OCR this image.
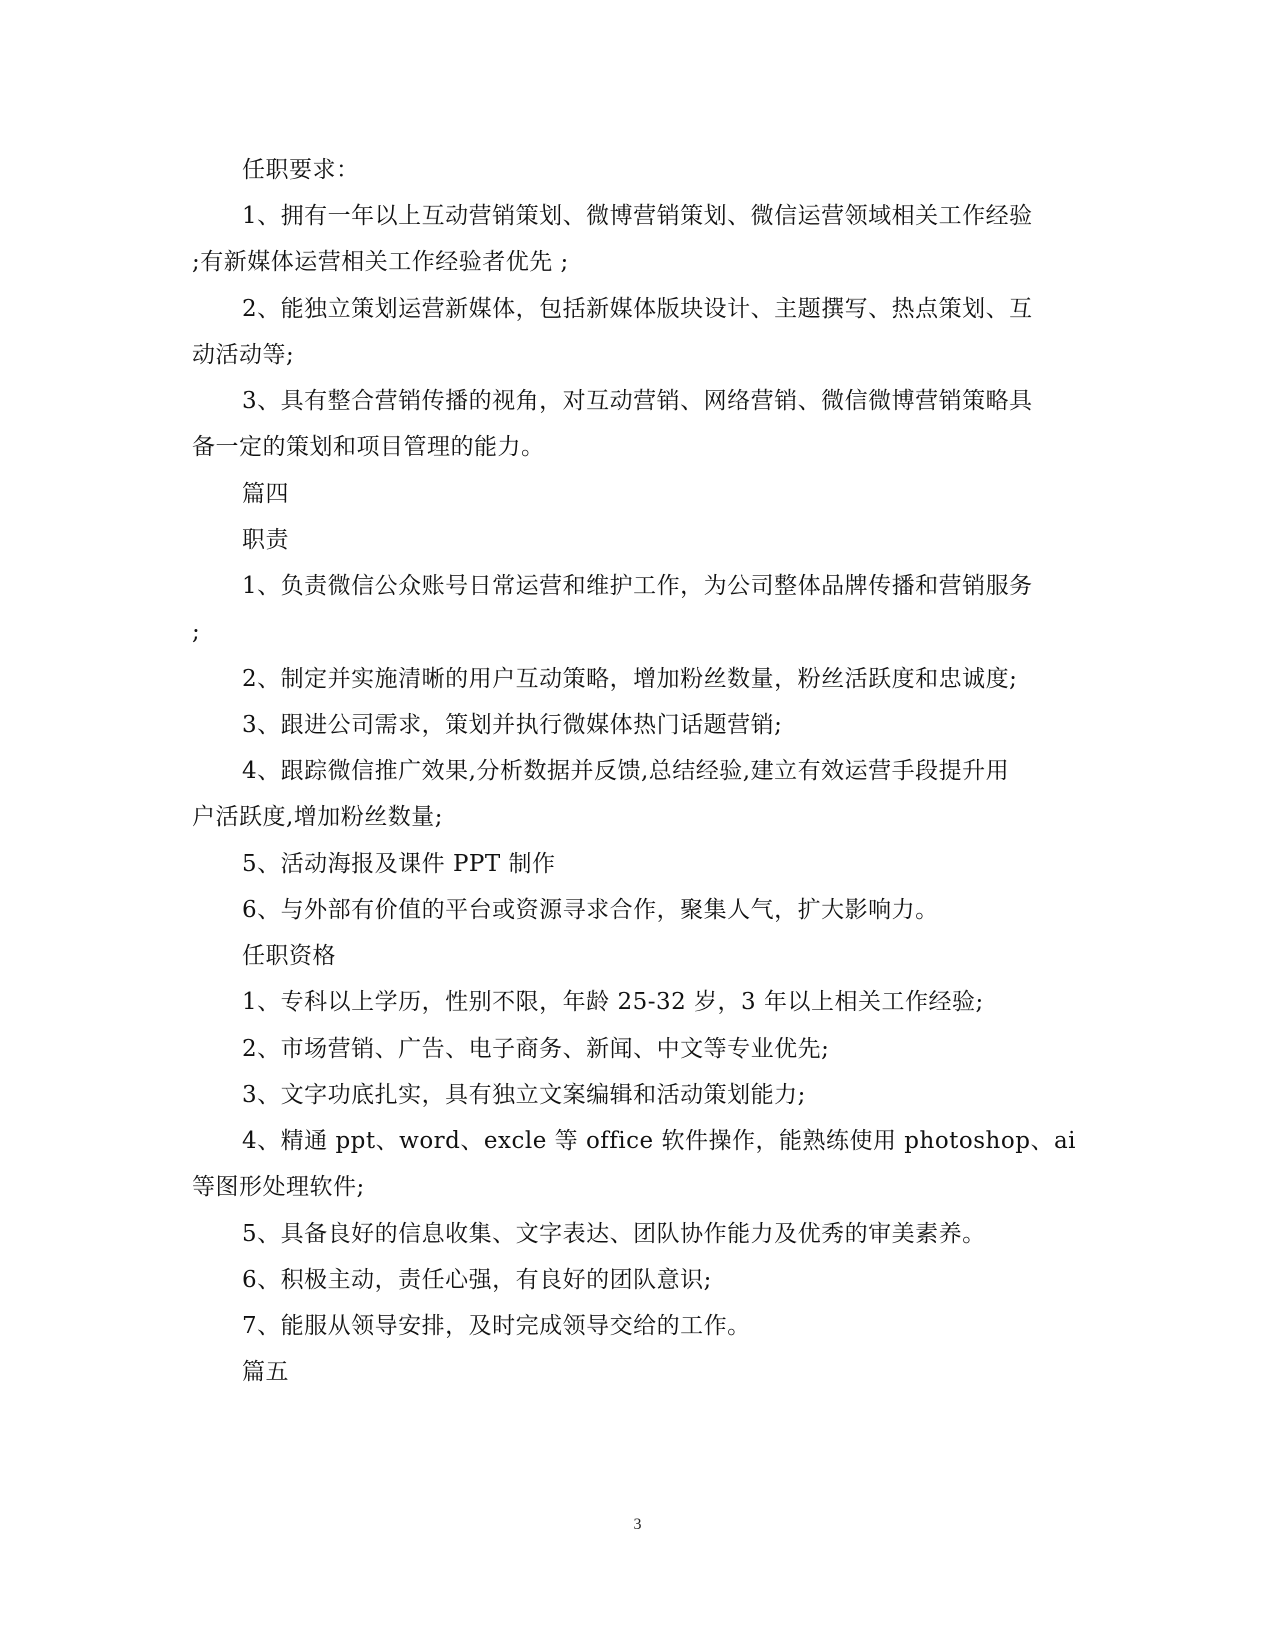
任职要求：
1、拥有一年以上互动营销策划、微博营销策划、微信运营领域相关工作经验
;有新媒体运营相关工作经验者优先 ;
2、能独立策划运营新媒体，包括新媒体版块设计、主题撰写、热点策划、互
动活动等;
3、具有整合营销传播的视角，对互动营销、网络营销、微信微博营销策略具
备一定的策划和项目管理的能力。
篇四
职责
1、负责微信公众账号日常运营和维护工作，为公司整体品牌传播和营销服务
;
2、制定并实施清晰的用户互动策略，增加粉丝数量，粉丝活跃度和忠诚度;
3、跟进公司需求，策划并执行微媒体热门话题营销;
4、跟踪微信推广效果,分析数据并反馈,总结经验,建立有效运营手段提升用
户活跃度,增加粉丝数量;
5、活动海报及课件 PPT 制作
6、与外部有价值的平台或资源寻求合作，聚集人气，扩大影响力。
任职资格
1、专科以上学历，性别不限，年龄 25-32 岁，3 年以上相关工作经验;
2、市场营销、广告、电子商务、新闻、中文等专业优先;
3、文字功底扎实，具有独立文案编辑和活动策划能力;
4、精通 ppt、word、excle 等 office 软件操作，能熟练使用 photoshop、ai
等图形处理软件;
5、具备良好的信息收集、文字表达、团队协作能力及优秀的审美素养。
6、积极主动，责任心强，有良好的团队意识;
7、能服从领导安排，及时完成领导交给的工作。
篇五
3
